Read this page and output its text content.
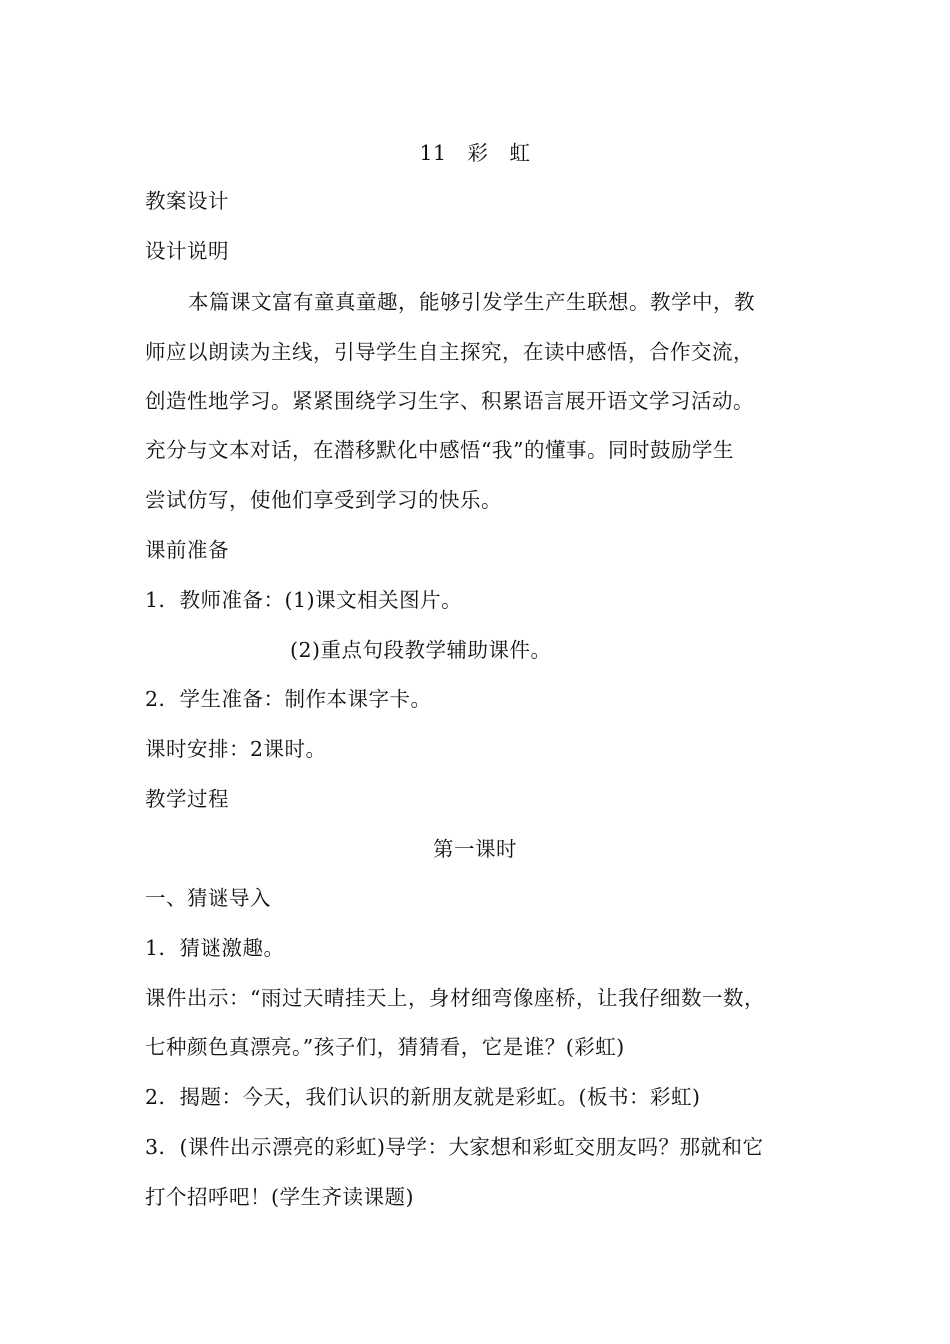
11　彩　虹
教案设计
设计说明
本篇课文富有童真童趣，能够引发学生产生联想。教学中，教
师应以朗读为主线，引导学生自主探究，在读中感悟，合作交流，
创造性地学习。紧紧围绕学习生字、积累语言展开语文学习活动。
充分与文本对话，在潜移默化中感悟“我”的懂事。同时鼓励学生
尝试仿写，使他们享受到学习的快乐。
课前准备
1．教师准备：(1)课文相关图片。
(2)重点句段教学辅助课件。
2．学生准备：制作本课字卡。
课时安排：2课时。
教学过程
第一课时
一、猜谜导入
1．猜谜激趣。
课件出示：“雨过天晴挂天上，身材细弯像座桥，让我仔细数一数，
七种颜色真漂亮。”孩子们，猜猜看，它是谁？(彩虹)
2．揭题：今天，我们认识的新朋友就是彩虹。(板书：彩虹)
3．(课件出示漂亮的彩虹)导学：大家想和彩虹交朋友吗？那就和它
打个招呼吧！(学生齐读课题)
